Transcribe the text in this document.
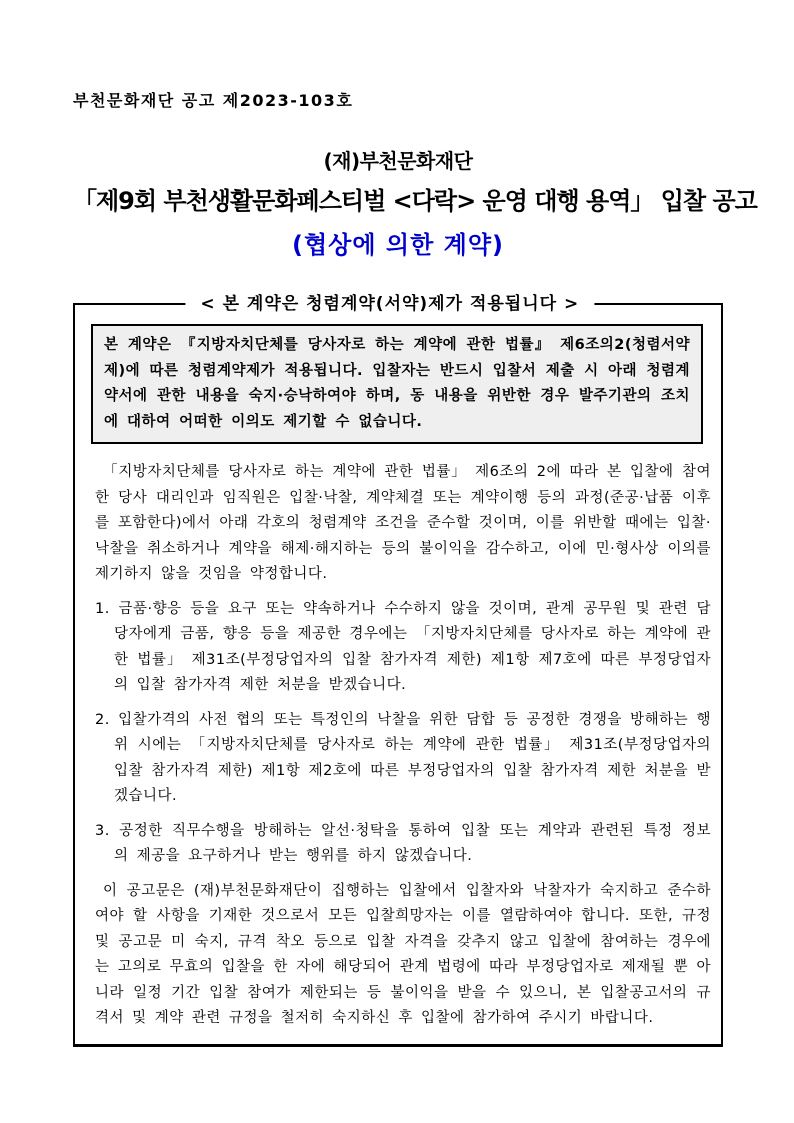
부천문화재단 공고 제2023-103호
(재)부천문화재단
「제9회 부천생활문화페스티벌 <다락> 운영 대행 용역」 입찰 공고
(협상에 의한 계약)
< 본 계약은 청렴계약(서약)제가 적용됩니다 >
본 계약은 『지방자치단체를 당사자로 하는 계약에 관한 법률』 제6조의2(청렴서약제)에 따른 청렴계약제가 적용됩니다. 입찰자는 반드시 입찰서 제출 시 아래 청렴계약서에 관한 내용을 숙지·승낙하여야 하며, 동 내용을 위반한 경우 발주기관의 조치에 대하여 어떠한 이의도 제기할 수 없습니다.

「지방자치단체를 당사자로 하는 계약에 관한 법률」 제6조의 2에 따라 본 입찰에 참여한 당사 대리인과 임직원은 입찰·낙찰, 계약체결 또는 계약이행 등의 과정(준공·납품 이후를 포함한다)에서 아래 각호의 청렴계약 조건을 준수할 것이며, 이를 위반할 때에는 입찰·낙찰을 취소하거나 계약을 해제·해지하는 등의 불이익을 감수하고, 이에 민·형사상 이의를 제기하지 않을 것임을 약정합니다.

1. 금품·향응 등을 요구 또는 약속하거나 수수하지 않을 것이며, 관계 공무원 및 관련 담당자에게 금품, 향응 등을 제공한 경우에는 「지방자치단체를 당사자로 하는 계약에 관한 법률」 제31조(부정당업자의 입찰 참가자격 제한) 제1항 제7호에 따른 부정당업자의 입찰 참가자격 제한 처분을 받겠습니다.

2. 입찰가격의 사전 협의 또는 특정인의 낙찰을 위한 담합 등 공정한 경쟁을 방해하는 행위 시에는 「지방자치단체를 당사자로 하는 계약에 관한 법률」 제31조(부정당업자의 입찰 참가자격 제한) 제1항 제2호에 따른 부정당업자의 입찰 참가자격 제한 처분을 받겠습니다.

3. 공정한 직무수행을 방해하는 알선·청탁을 통하여 입찰 또는 계약과 관련된 특정 정보의 제공을 요구하거나 받는 행위를 하지 않겠습니다.

이 공고문은 (재)부천문화재단이 집행하는 입찰에서 입찰자와 낙찰자가 숙지하고 준수하여야 할 사항을 기재한 것으로서 모든 입찰희망자는 이를 열람하여야 합니다. 또한, 규정 및 공고문 미 숙지, 규격 착오 등으로 입찰 자격을 갖추지 않고 입찰에 참여하는 경우에는 고의로 무효의 입찰을 한 자에 해당되어 관계 법령에 따라 부정당업자로 제재될 뿐 아니라 일정 기간 입찰 참여가 제한되는 등 불이익을 받을 수 있으니, 본 입찰공고서의 규격서 및 계약 관련 규정을 철저히 숙지하신 후 입찰에 참가하여 주시기 바랍니다.
